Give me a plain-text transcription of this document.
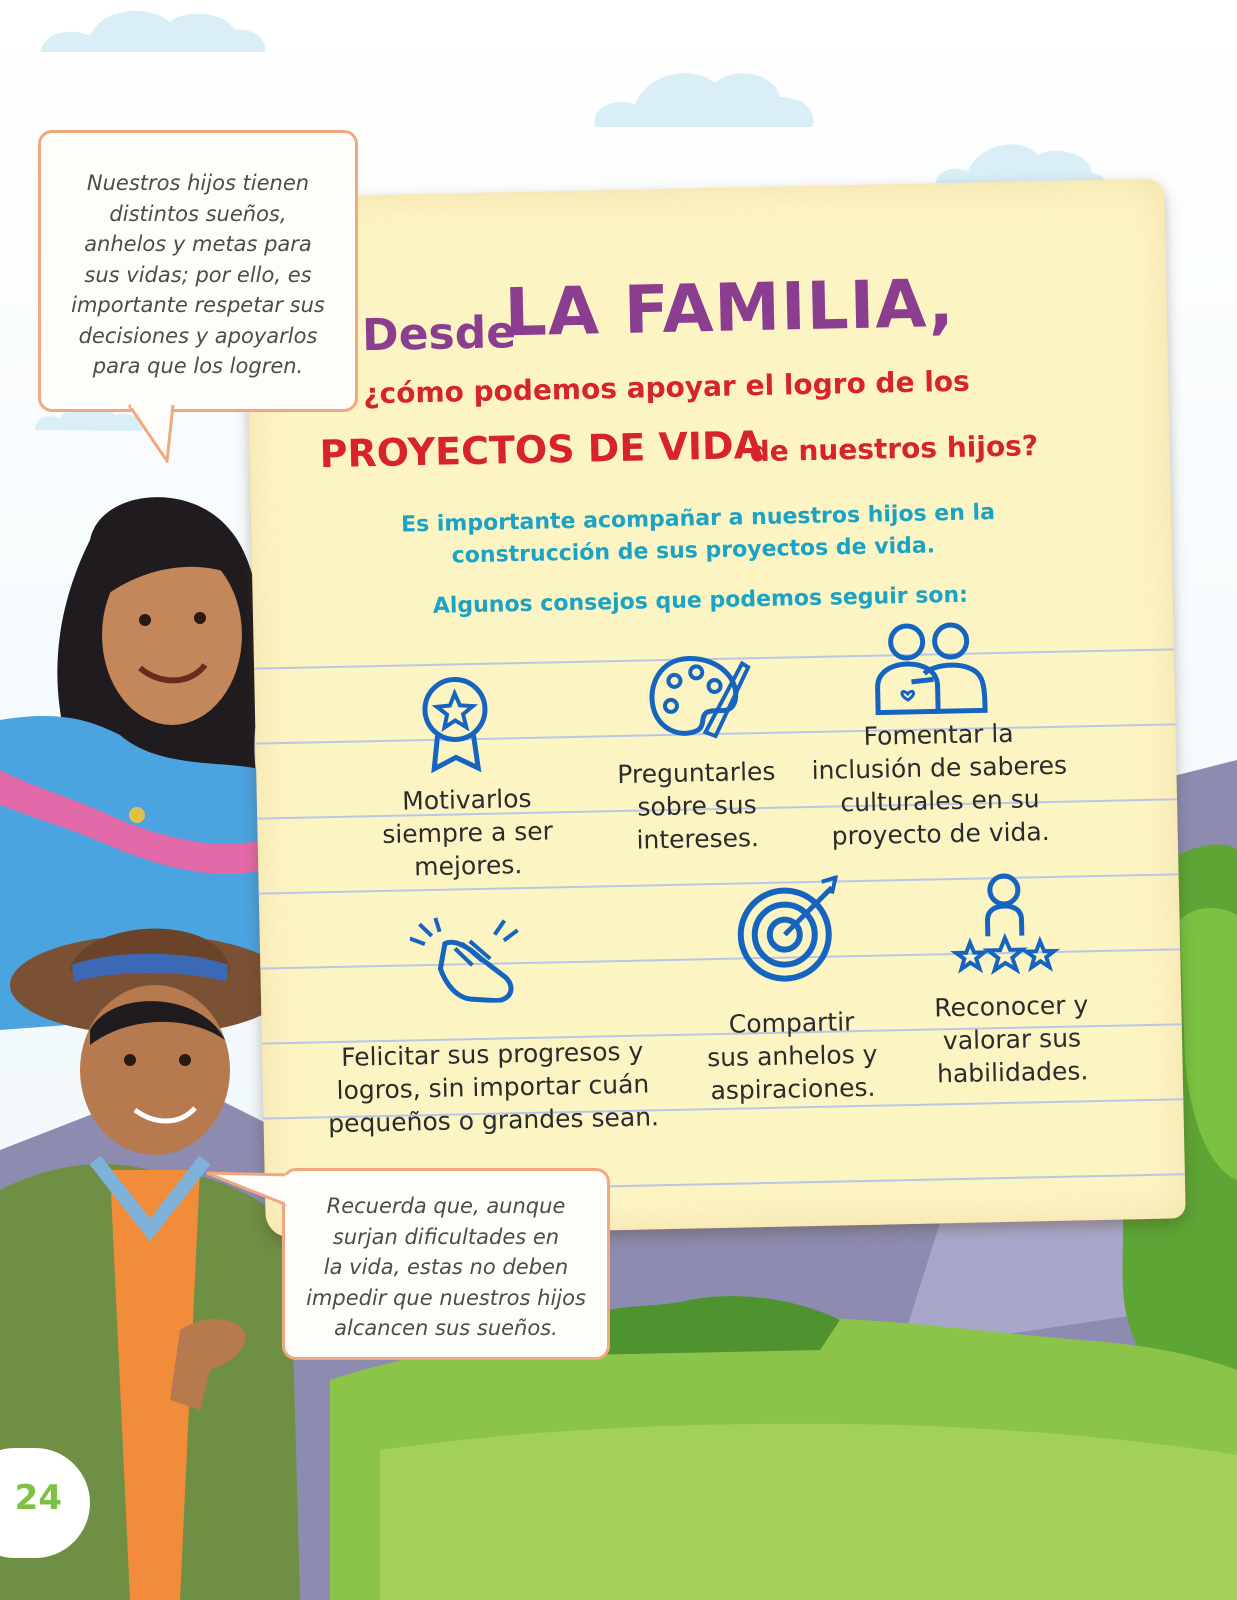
Desde
LA FAMILIA,
¿cómo podemos apoyar el logro de los
PROYECTOS DE VIDA
de nuestros hijos?
Es importante acompañar a nuestros hijos en la
construcción de sus proyectos de vida.
Algunos consejos que podemos seguir son:
Motivarlos
siempre a ser
mejores.
Preguntarles
sobre sus
intereses.
Fomentar la
inclusión de saberes
culturales en su
proyecto de vida.
Felicitar sus progresos y
logros, sin importar cuán
pequeños o grandes sean.
Compartir
sus anhelos y
aspiraciones.
Reconocer y
valorar sus
habilidades.
Nuestros hijos tienen
distintos sueños,
anhelos y metas para
sus vidas; por ello, es
importante respetar sus
decisiones y apoyarlos
para que los logren.
Recuerda que, aunque
surjan dificultades en
la vida, estas no deben
impedir que nuestros hijos
alcancen sus sueños.
24
